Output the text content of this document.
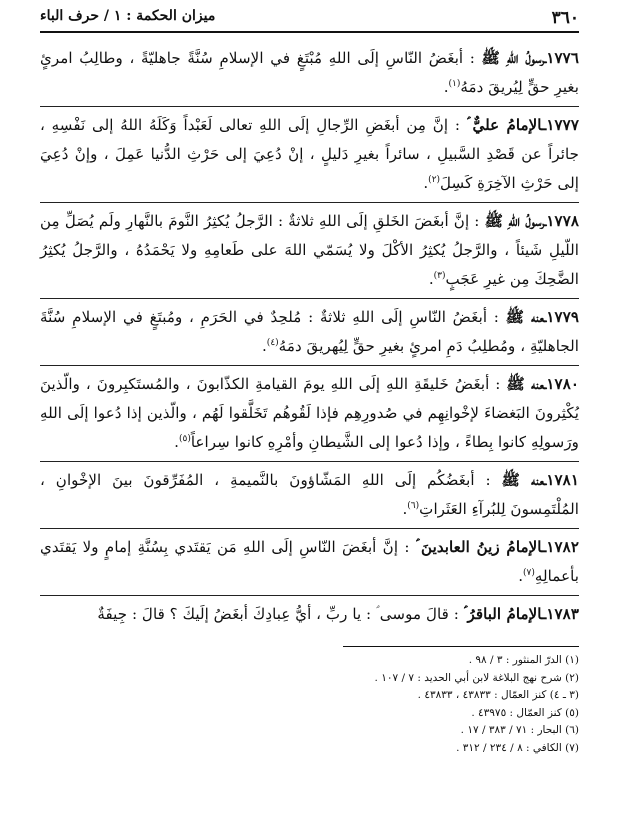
٣٦٠
ميزان الحكمة : ١ / حرف الباء

١٧٧٦ـرسولُ اللهِ ﷺ : أبغَضُ النّاسِ إلَى اللهِ مُبْتَغٍ في الإسلامِ سُنَّةً جاهليّةً ، وطالِبُ امرئٍ بغيرِ حقٍّ لِيُريقَ دمَهُ$^{(١)}$.

١٧٧٧ـالإمامُ عليٌّ ؑ : إنَّ مِن أبغَضِ الرِّجالِ إلَى اللهِ تعالى لَعَبْداً وَكَلَهُ اللهُ إلى نَفْسِهِ ، جائراً عن قَصْدِ السَّبيلِ ، سائراً بغيرِ دَليلٍ ، إنْ دُعِيَ إلى حَرْثِ الدُّنيا عَمِلَ ، وإنْ دُعِيَ إلى حَرْثِ الآخِرَةِ كَسِلَ$^{(٢)}$.

١٧٧٨ـرسولُ اللهِ ﷺ : إنَّ أبغَضَ الخَلقِ إلَى اللهِ ثلاثةٌ : الرَّجلُ يُكثِرُ النَّومَ بالنَّهارِ ولَم يُصَلِّ مِن اللّيلِ شَيئاً ، والرَّجلُ يُكثِرُ الأكْلَ ولا يُسَمّي اللهَ على طَعامِهِ ولا يَحْمَدُهُ ، والرَّجلُ يُكثِرُ الضَّحِكَ مِن غيرِ عَجَبٍ$^{(٣)}$.

١٧٧٩ـعنه ﷺ : أبغَضُ النّاسِ إلَى اللهِ ثلاثةٌ : مُلحِدٌ في الحَرَمِ ، ومُبتَغٍ في الإسلامِ سُنَّةَ الجاهليّةِ ، ومُطلِبُ دَمِ امرئٍ بغيرِ حقٍّ لِيُهريقَ دمَهُ$^{(٤)}$.

١٧٨٠ـعنه ﷺ : أبغَضُ خَليقَةِ اللهِ إلَى اللهِ يومَ القيامةِ الكذّابونَ ، والمُستَكبِرونَ ، والّذينَ يُكْثِرونَ البَغضاءَ لإخْوانِهِم في صُدورِهِم فإذا لَقُوهُم تَخَلَّقوا لَهُم ، والّذين إذا دُعوا إلَى اللهِ ورَسولِهِ كانوا بِطاءً ، وإذا دُعوا إلى الشَّيطانِ وأمْرِهِ كانوا سِراعاً$^{(٥)}$.

١٧٨١ـعنه ﷺ : أبغَضُكُم إلَى اللهِ المَشّاؤونَ بالنَّميمةِ ، المُفَرِّقونَ بينَ الإخْوانِ ، المُلْتَمِسونَ لِلبُرآءِ العَثَراتِ$^{(٦)}$.

١٧٨٢ـالإمامُ زينُ العابدينَ ؑ : إنَّ أبغَضَ النّاسِ إلَى اللهِ مَن يَقتَدي بِسُنَّةِ إمامٍ ولا يَقتَدي بأعمالِهِ$^{(٧)}$.

١٧٨٣ـالإمامُ الباقرُ ؑ : قالَ موسى ؑ : يا ربِّ ، أيُّ عِبادِكَ أبغَضُ إلَيكَ ؟ قالَ : جِيفَةٌ

(١) الدرّ المنثور : ٣ / ٩٨ .
(٢) شرح نهج البلاغة لابن أبي الحديد : ٧ / ١٠٧ .
(٣ ـ ٤) كنز العمّال : ٤٣٨٣٣ ، ٤٣٨٣٣ .
(٥) كنز العمّال : ٤٣٩٧٥ .
(٦) البحار : ٧١ / ٣٨٣ / ١٧ .
(٧) الكافي : ٨ / ٢٣٤ / ٣١٢ .
